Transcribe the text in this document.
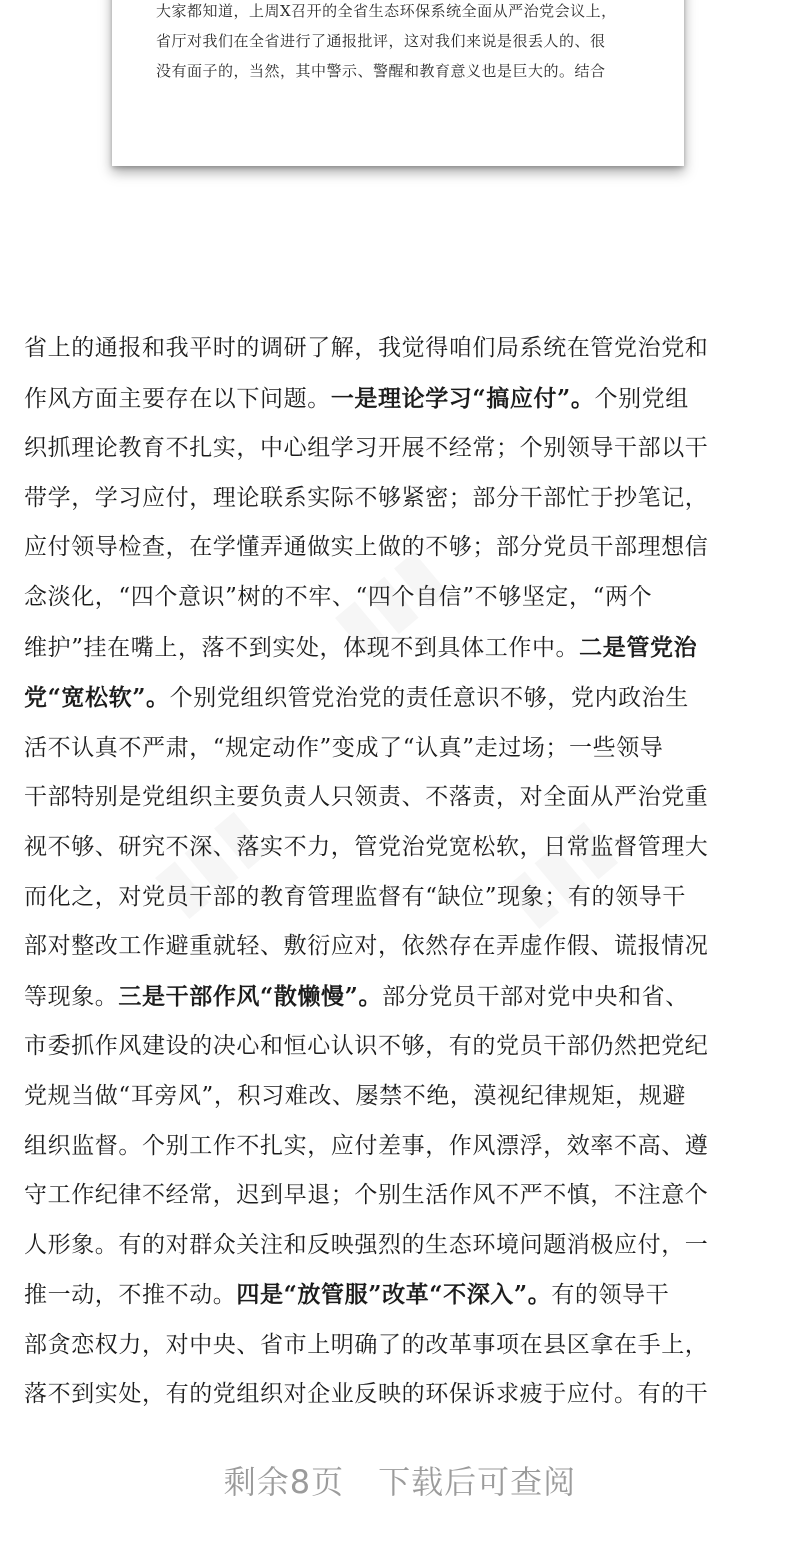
大家都知道，上周X召开的全省生态环保系统全面从严治党会议上，
省厅对我们在全省进行了通报批评，这对我们来说是很丢人的、很
没有面子的，当然，其中警示、警醒和教育意义也是巨大的。结合
省上的通报和我平时的调研了解，我觉得咱们局系统在管党治党和
作风方面主要存在以下问题。一是理论学习“搞应付”。个别党组
织抓理论教育不扎实，中心组学习开展不经常；个别领导干部以干
带学，学习应付，理论联系实际不够紧密；部分干部忙于抄笔记，
应付领导检查，在学懂弄通做实上做的不够；部分党员干部理想信
念淡化，“四个意识”树的不牢、“四个自信”不够坚定，“两个
维护”挂在嘴上，落不到实处，体现不到具体工作中。二是管党治
党“宽松软”。个别党组织管党治党的责任意识不够，党内政治生
活不认真不严肃，“规定动作”变成了“认真”走过场；一些领导
干部特别是党组织主要负责人只领责、不落责，对全面从严治党重
视不够、研究不深、落实不力，管党治党宽松软，日常监督管理大
而化之，对党员干部的教育管理监督有“缺位”现象；有的领导干
部对整改工作避重就轻、敷衍应对，依然存在弄虚作假、谎报情况
等现象。三是干部作风“散懒慢”。部分党员干部对党中央和省、
市委抓作风建设的决心和恒心认识不够，有的党员干部仍然把党纪
党规当做“耳旁风”，积习难改、屡禁不绝，漠视纪律规矩，规避
组织监督。个别工作不扎实，应付差事，作风漂浮，效率不高、遵
守工作纪律不经常，迟到早退；个别生活作风不严不慎，不注意个
人形象。有的对群众关注和反映强烈的生态环境问题消极应付，一
推一动，不推不动。四是“放管服”改革“不深入”。有的领导干
部贪恋权力，对中央、省市上明确了的改革事项在县区拿在手上，
落不到实处，有的党组织对企业反映的环保诉求疲于应付。有的干
剩余8页 下载后可查阅
